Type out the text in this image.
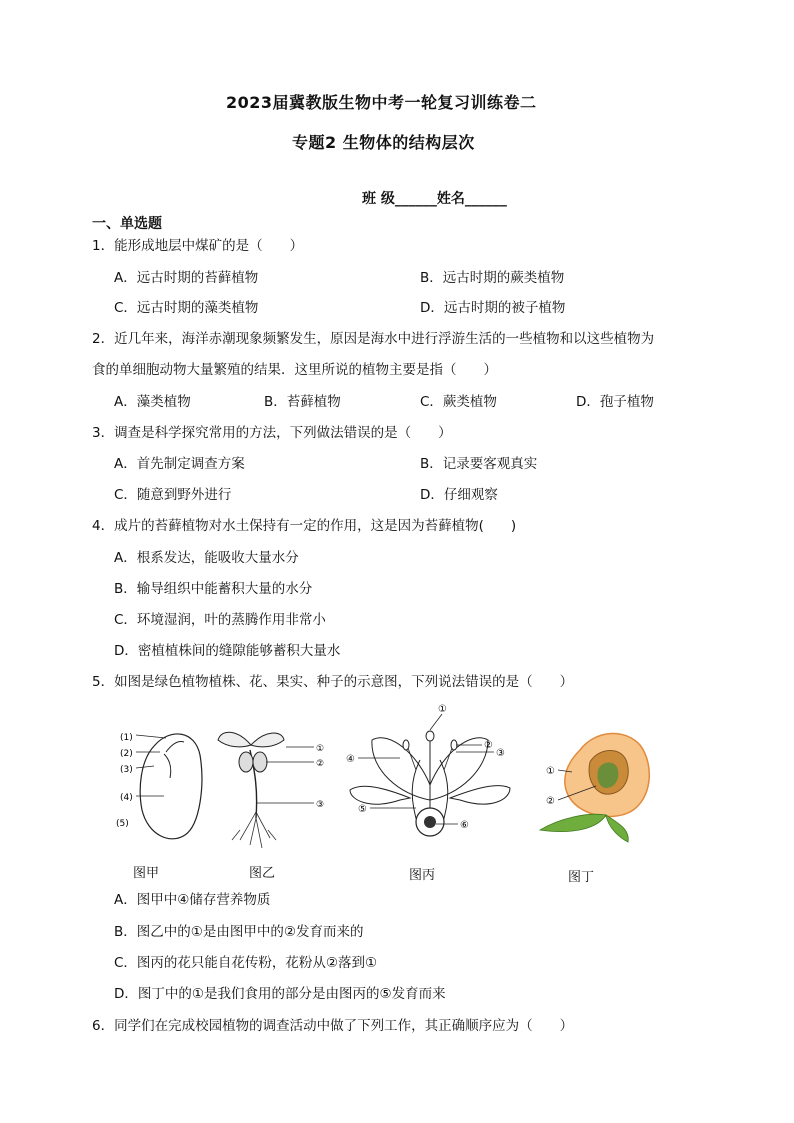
2023届冀教版生物中考一轮复习训练卷二
专题2 生物体的结构层次
班 级______姓名______
一、单选题
1．能形成地层中煤矿的是（　　）
A．远古时期的苔藓植物	B．远古时期的蕨类植物
C．远古时期的藻类植物	D．远古时期的被子植物
2．近几年来，海洋赤潮现象频繁发生，原因是海水中进行浮游生活的一些植物和以这些植物为
食的单细胞动物大量繁殖的结果．这里所说的植物主要是指（　　）
A．藻类植物	B．苔藓植物	C．蕨类植物	D．孢子植物
3．调查是科学探究常用的方法，下列做法错误的是（　　）
A．首先制定调查方案	B．记录要客观真实
C．随意到野外进行	D．仔细观察
4．成片的苔藓植物对水土保持有一定的作用，这是因为苔藓植物(　　)
A．根系发达，能吸收大量水分
B．输导组织中能蓄积大量的水分
C．环境湿润，叶的蒸腾作用非常小
D．密植植株间的缝隙能够蓄积大量水
5．如图是绿色植物植株、花、果实、种子的示意图，下列说法错误的是（　　）
(1)
(2)
(3)
(4)
(5)
①
②
③
①
②
③
④
⑤
⑥
①
②
图甲	图乙	图丙	图丁
A．图甲中④储存营养物质
B．图乙中的①是由图甲中的②发育而来的
C．图丙的花只能自花传粉，花粉从②落到①
D．图丁中的①是我们食用的部分是由图丙的⑤发育而来
6．同学们在完成校园植物的调查活动中做了下列工作，其正确顺序应为（　　）
